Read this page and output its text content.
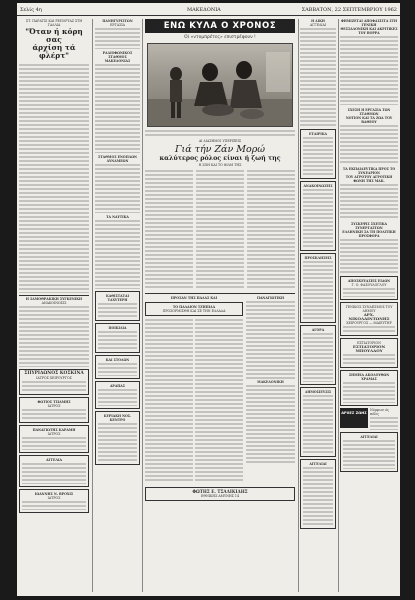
Σελίς 4η	ΜΑΚΕΔΟΝΙΑ	ΣΑΒΒΑΤΟΝ, 22 ΣΕΠΤΕΜΒΡΙΟΥ 1962
ΣΤ. ΠΑΡΑΤΣΙ ΚΑΙ ΡΕΠΟΡΤΑΖ ΣΤΗ ΓΑΛΛΙΑ
"Όταν ή κόρη σας
άρχίση τά φλέρτ"
Η ΣΑΜΟΘΡΑΚΙΚΗ ΣΥΓΚΕΝΙΚΗ
ΑΝΑΚΟΙΝΩΣΙΣ
ΣΠΥΡΙΔΩΝΟΣ ΚΟΣΚΙΝΑ
ΙΑΤΡΟΣ ΧΕΙΡΟΥΡΓΟΣ
ΦΩΤΙΟΣ ΤΣΙΑΜΗΣ
ΙΑΤΡΟΣ
ΠΑΝΑΓΙΩΤΗΣ ΚΑΡΑΜΗ
ΙΑΤΡΟΣ
ΑΓΓΕΛΙΑ
ΙΩΑΝΝΗΣ Ν. ΒΡΟΧΙΣ
ΙΑΤΡΟΣ
ΠΑΝΗΓΥΡΙΣΤΩΝ
ΕΡΓΑΣΙΑ
ΡΑΔΙΟΦΩΝΙΚΟΣ ΣΤΑΘΜΟΣ ΜΑΚΕΔΟΝΙΑΣ
ΣΤΑΘΜΟΣ ΕΝΟΠΛΩΝ ΔΥΝΑΜΕΩΝ
ΤΑ ΝΑΥΤΙΚΑ
ΚΑΘΙΣΤΑΤΑΙ ΤΑΧΥΤΕΡΗ
ΠΟΙΚΙΛΙΑ
ΚΑΙ ΣΤΟΛΩΝ
ΑΡΑΠΑΣ
ΚΥΡΙΑΚΗ ΝΟΣ. ΚΕΝΤΡΟ
ΕΝΩ ΚΥΛΑ Ο ΧΡΟΝΟΣ
Οί «ντομπρέτες» επιστρέφουν !
ΑΙ ΔΙΑΣΗΜΟΙ ΥΠΕΡΙΞΕΙΣ
Γιά τήν Ζάν Μορώ
καλύτερος ρόλος είναι ή ζωή της
Η ΖΩΗ ΚΑΙ ΤΟ ΦΙΛΜ ΤΗΣ
ΠΡΟΣΑΝ ΤΗΣ ΠΑΛΑΣ ΚΑΙ
ΤΟ ΠΑΛΑΙΟΝ ΤΖΗΠΙΔΑ
ΠΡΟΣΟΡΜΙΣΘΗ ΚΑΙ ΣΕ ΤΗΝ ΕΛΛΑΔΑ
ΠΑΝΑΓΙΩΤΙΚΗ
ΜΑΚΕΔΟΝΙΚΗ
ΦΩΤΗΣ Ε. ΤΣΑΛΙΚΙΔΗΣ
ΕΘΝΙΚΗΣ ΑΜΥΝΗΣ 14
Η ΔΙΚΗ
ΑΓΓΕΛΙΑΙ
ΕΤΑΙΡΙΚΑ
ΑΝΑΚΟΙΝΩΣΕΙΣ
ΠΡΟΣΚΛΗΣΕΙΣ
ΑΓΟΡΑ
ΔΗΜΟΣΙΕΥΣΙΣ
ΑΓΓΕΛΙΑΙ
ΦΗΜΙΖΕΤΑΙ ΑΠΟΦΑΣΙΣΤΑ ΣΤΗ ΓΕΝΙΚΗ
ΘΕΣΣΑΛΟΝΙΚΗ ΚΑΙ ΑΚΡΙΤΙΚΕΣ ΤΟΥ ΒΟΡΡΑ
ΣΧΕΣΗ Η ΕΡΓΑΣΙΑ ΤΩΝ ΣΤΑΘΜΩΝ
ΝΟΤΙΟΝ ΚΑΙ ΤΑ ΖΩΑ ΤΟΥ ΒΑΘΕΟΥ
ΤΑ ΕΚΠΑΙΔΕΥΤΙΚΑ ΠΡΟΣ ΤΟ ΣΥΝΕΔΡΙΟΝ
ΤΟΥ ΑΓΡΟΤΟΥ ΑΓΡΟΤΙΚΗ ΦΩΝΗ ΤΗΣ ΜΑΚ.
ΣΥΣΚΕΨΙΣ ΣΧΕΤΙΚΑ ΣΥΝΕΡΓΑΣΤΩΝ
ΕΛΛΗΝΙΚΗ ΣΑ ΤΗ ΠΟΛΙΤΙΚΗ ΠΡΟΣΦΟΡΑ
ΑΠΟΣΚΕΥΑΣΕΙΣ ΕΙΔΩΝ
Γ. Ο. ΦΑΣΟΥΛΟΓΛΟΥ
ΓΕΝΙΚΟΣ ΣΥΝΔΕΣΜΟΣ ΤΟΥ ΔΗΜΟΥ
ΑΡΧ. ΝΙΚΟΛΑΙΝΤΩΝΗΣ
ΧΕΙΡΟΥΡΓΟΣ — ΜΑΙΕΥΤΗΡ
ΕΣΤΙΑΤΟΡΙΟΝ
ΕΣΤΙΑΤΟΡΙΟΝ ΜΠΟΥΛΑΟΥ
ΣΗΜΕΙΑ ΑΚΟΛΟΥΘΩΝ ΧΡΑΜΑΣ
ΑΡΧΕΣ ΖΩΗΣ
Νόμφωσ ώς πόλις
ΑΓΓΕΛΙΑΙ
